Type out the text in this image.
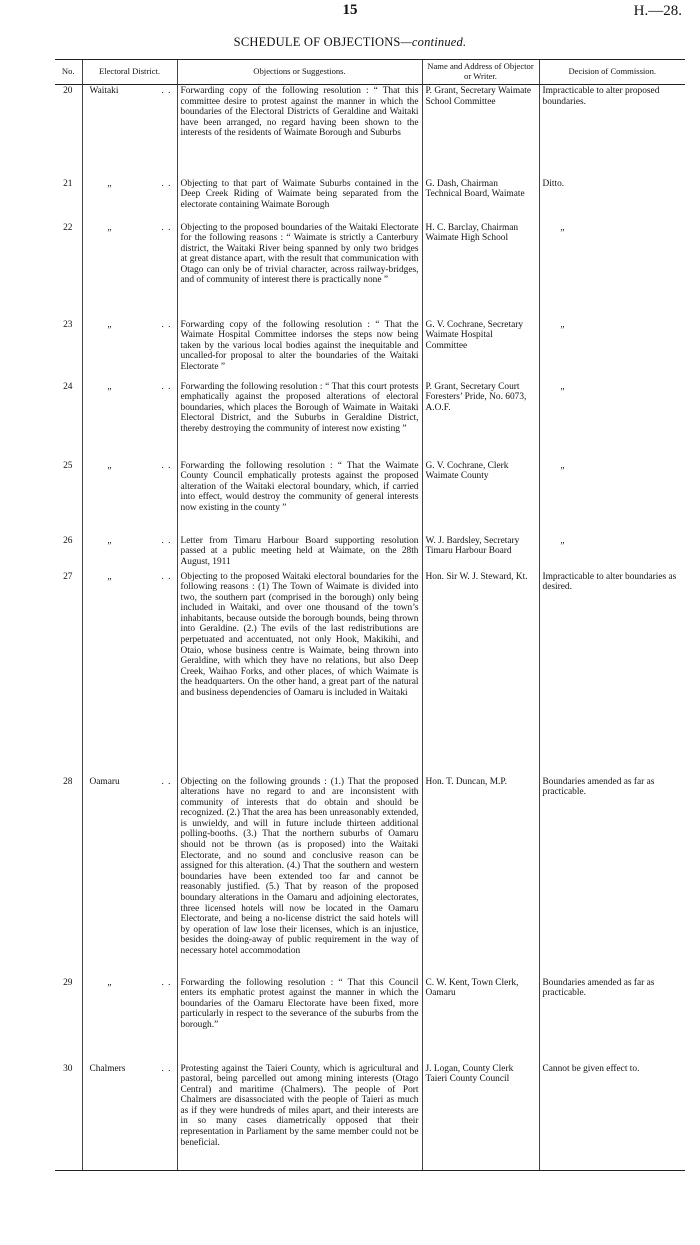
15	H.—28.
SCHEDULE OF OBJECTIONS—continued.
No.	Electoral District.	Objections or Suggestions.	Name and Address of Objector or Writer.	Decision of Commission.
20	Waitaki . .	Forwarding copy of the following resolution : “ That this committee desire to protest against the manner in which the boundaries of the Electoral Districts of Geraldine and Waitaki have been arranged, no regard having been shown to the interests of the residents of Waimate Borough and Suburbs	P. Grant, Secretary Waimate School Committee	Impracticable to alter proposed boundaries.
21	„ . .	Objecting to that part of Waimate Suburbs contained in the Deep Creek Riding of Waimate being separated from the electorate containing Waimate Borough	G. Dash, Chairman Technical Board, Waimate	Ditto.
22	„ . .	Objecting to the proposed boundaries of the Waitaki Electorate for the following reasons : “ Waimate is strictly a Canterbury district, the Waitaki River being spanned by only two bridges at great distance apart, with the result that communication with Otago can only be of trivial character, across railway-bridges, and of community of interest there is practically none ”	H. C. Barclay, Chairman Waimate High School	„
23	„ . .	Forwarding copy of the following resolution : “ That the Waimate Hospital Committee indorses the steps now being taken by the various local bodies against the inequitable and uncalled-for proposal to alter the boundaries of the Waitaki Electorate ”	G. V. Cochrane, Secretary Waimate Hospital Committee	„
24	„ . .	Forwarding the following resolution : “ That this court protests emphatically against the proposed alterations of electoral boundaries, which places the Borough of Waimate in Waitaki Electoral District, and the Suburbs in Geraldine District, thereby destroying the community of interest now existing ”	P. Grant, Secretary Court Foresters’ Pride, No. 6073, A.O.F.	„
25	„ . .	Forwarding the following resolution : “ That the Waimate County Council emphatically protests against the proposed alteration of the Waitaki electoral boundary, which, if carried into effect, would destroy the community of general interests now existing in the county ”	G. V. Cochrane, Clerk Waimate County	„
26	„ . .	Letter from Timaru Harbour Board supporting resolution passed at a public meeting held at Waimate, on the 28th August, 1911	W. J. Bardsley, Secretary Timaru Harbour Board	„
27	„ . .	Objecting to the proposed Waitaki electoral boundaries for the following reasons : (1) The Town of Waimate is divided into two, the southern part (comprised in the borough) only being included in Waitaki, and over one thousand of the town’s inhabitants, because outside the borough bounds, being thrown into Geraldine. (2.) The evils of the last redistributions are perpetuated and accentuated, not only Hook, Makikihi, and Otaio, whose business centre is Waimate, being thrown into Geraldine, with which they have no relations, but also Deep Creek, Waihao Forks, and other places, of which Waimate is the headquarters. On the other hand, a great part of the natural and business dependencies of Oamaru is included in Waitaki	Hon. Sir W. J. Steward, Kt.	Impracticable to alter boundaries as desired.
28	Oamaru . .	Objecting on the following grounds : (1.) That the proposed alterations have no regard to and are inconsistent with community of interests that do obtain and should be recognized. (2.) That the area has been unreasonably extended, is unwieldy, and will in future include thirteen additional polling-booths. (3.) That the northern suburbs of Oamaru should not be thrown (as is proposed) into the Waitaki Electorate, and no sound and conclusive reason can be assigned for this alteration. (4.) That the southern and western boundaries have been extended too far and cannot be reasonably justified. (5.) That by reason of the proposed boundary alterations in the Oamaru and adjoining electorates, three licensed hotels will now be located in the Oamaru Electorate, and being a no-license district the said hotels will by operation of law lose their licenses, which is an injustice, besides the doing-away of public requirement in the way of necessary hotel accommodation	Hon. T. Duncan, M.P.	Boundaries amended as far as practicable.
29	„ . .	Forwarding the following resolution : “ That this Council enters its emphatic protest against the manner in which the boundaries of the Oamaru Electorate have been fixed, more particularly in respect to the severance of the suburbs from the borough.”	C. W. Kent, Town Clerk, Oamaru	Boundaries amended as far as practicable.
30	Chalmers . .	Protesting against the Taieri County, which is agricultural and pastoral, being parcelled out among mining interests (Otago Central) and maritime (Chalmers). The people of Port Chalmers are disassociated with the people of Taieri as much as if they were hundreds of miles apart, and their interests are in so many cases diametrically opposed that their representation in Parliament by the same member could not be beneficial.	J. Logan, County Clerk Taieri County Council	Cannot be given effect to.
